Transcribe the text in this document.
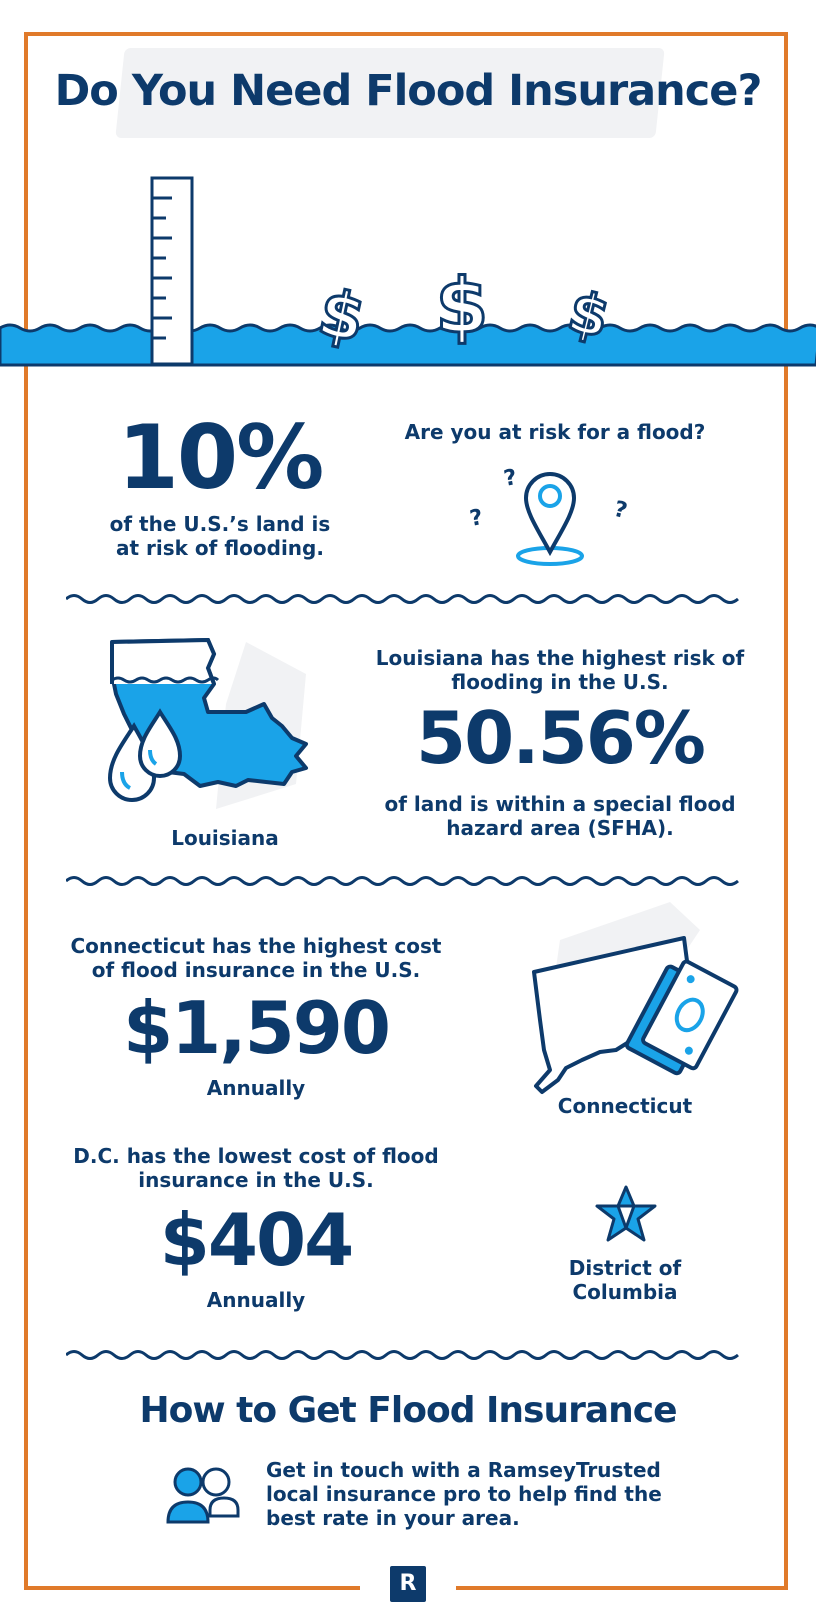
Do You Need Flood Insurance?
$ $ $
10%
of the U.S.’s land is
at risk of flooding.
Are you at risk for a flood?
?
?	?
Louisiana
Louisiana has the highest risk of
flooding in the U.S.
50.56%
of land is within a special flood
hazard area (SFHA).
Connecticut has the highest cost
of flood insurance in the U.S.
$1,590
Annually
Connecticut
D.C. has the lowest cost of flood
insurance in the U.S.
$404
Annually
District of
Columbia
How to Get Flood Insurance
Get in touch with a RamseyTrusted
local insurance pro to help find the
best rate in your area.
R
